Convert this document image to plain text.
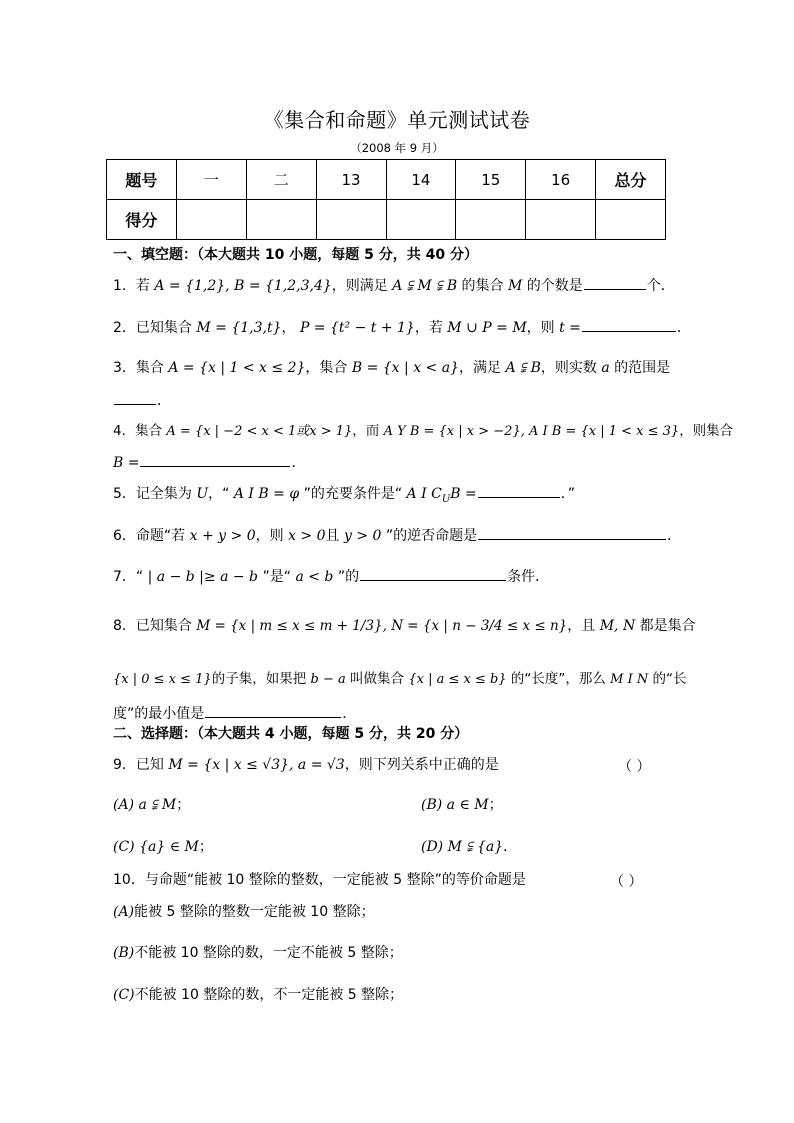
《集合和命题》单元测试试卷
（2008 年 9 月）
题号	一	二	13	14	15	16	总分
得分							
一、填空题：（本大题共 10 小题，每题 5 分，共 40 分）
1．若 A = {1,2}, B = {1,2,3,4}，则满足 A ⫋ M ⫋ B 的集合 M 的个数是	个．
2．已知集合 M = {1,3,t}， P = {t² − t + 1}，若 M ∪ P = M，则 t =	．
3．集合 A = {x | 1 < x ≤ 2}，集合 B = {x | x < a}，满足 A ⫋ B，则实数 a 的范围是
．
4．集合 A = {x | −2 < x < 1或x > 1}，而 A Y B = {x | x > −2}, A I B = {x | 1 < x ≤ 3}，则集合
B =	．
5．记全集为 U，“ A I B = φ ”的充要条件是“ A I $C_UB$ =	．”
6．命题“若 x + y > 0，则 x > 0且 y > 0 ”的逆否命题是	．
7．“ | a − b |≥ a − b ”是“ a < b ”的	条件．
8．已知集合 M = {x | m ≤ x ≤ m + 1/3}, N = {x | n − 3/4 ≤ x ≤ n}，且 M, N 都是集合
{x | 0 ≤ x ≤ 1}的子集，如果把 b − a 叫做集合 {x | a ≤ x ≤ b} 的“长度”，那么 M I N 的“长
度”的最小值是	．
二、选择题：（本大题共 4 小题，每题 5 分，共 20 分）
9．已知 M = {x | x ≤ √3}, a = √3，则下列关系中正确的是	（ ）
(A) a ⫋ M；	(B) a ∈ M；
(C) {a} ∈ M；	(D) M ⫋ {a}．
10．与命题“能被 10 整除的整数，一定能被 5 整除”的等价命题是	（ ）
(A)能被 5 整除的整数一定能被 10 整除；
(B)不能被 10 整除的数，一定不能被 5 整除；
(C)不能被 10 整除的数，不一定能被 5 整除；
